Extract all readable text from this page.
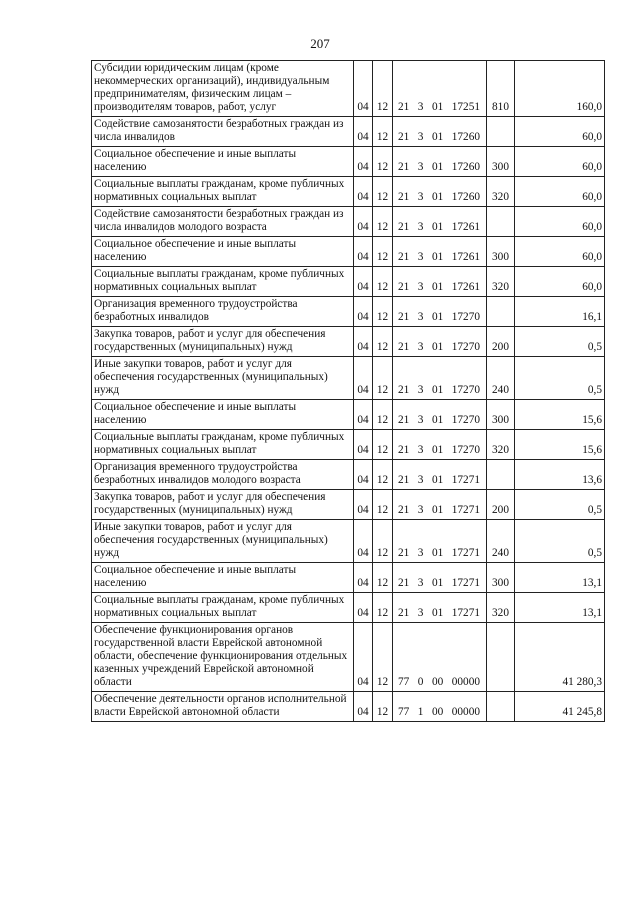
207
Субсидии юридическим лицам (кроме некоммерческих организаций), индивидуальным предпринимателям, физическим лицам – производителям товаров, работ, услуг	04	12	21 3 01 17251	810	160,0
Содействие самозанятости безработных граждан из числа инвалидов	04	12	21 3 01 17260		60,0
Социальное обеспечение и иные выплаты населению	04	12	21 3 01 17260	300	60,0
Социальные выплаты гражданам, кроме публичных нормативных социальных выплат	04	12	21 3 01 17260	320	60,0
Содействие самозанятости безработных граждан из числа инвалидов молодого возраста	04	12	21 3 01 17261		60,0
Социальное обеспечение и иные выплаты населению	04	12	21 3 01 17261	300	60,0
Социальные выплаты гражданам, кроме публичных нормативных социальных выплат	04	12	21 3 01 17261	320	60,0
Организация временного трудоустройства безработных инвалидов	04	12	21 3 01 17270		16,1
Закупка товаров, работ и услуг для обеспечения государственных (муниципальных) нужд	04	12	21 3 01 17270	200	0,5
Иные закупки товаров, работ и услуг для обеспечения государственных (муниципальных) нужд	04	12	21 3 01 17270	240	0,5
Социальное обеспечение и иные выплаты населению	04	12	21 3 01 17270	300	15,6
Социальные выплаты гражданам, кроме публичных нормативных социальных выплат	04	12	21 3 01 17270	320	15,6
Организация временного трудоустройства безработных инвалидов молодого возраста	04	12	21 3 01 17271		13,6
Закупка товаров, работ и услуг для обеспечения государственных (муниципальных) нужд	04	12	21 3 01 17271	200	0,5
Иные закупки товаров, работ и услуг для обеспечения государственных (муниципальных) нужд	04	12	21 3 01 17271	240	0,5
Социальное обеспечение и иные выплаты населению	04	12	21 3 01 17271	300	13,1
Социальные выплаты гражданам, кроме публичных нормативных социальных выплат	04	12	21 3 01 17271	320	13,1
Обеспечение функционирования органов государственной власти Еврейской автономной области, обеспечение функционирования отдельных казенных учреждений Еврейской автономной области	04	12	77 0 00 00000		41 280,3
Обеспечение деятельности органов исполнительной власти Еврейской автономной области	04	12	77 1 00 00000		41 245,8
